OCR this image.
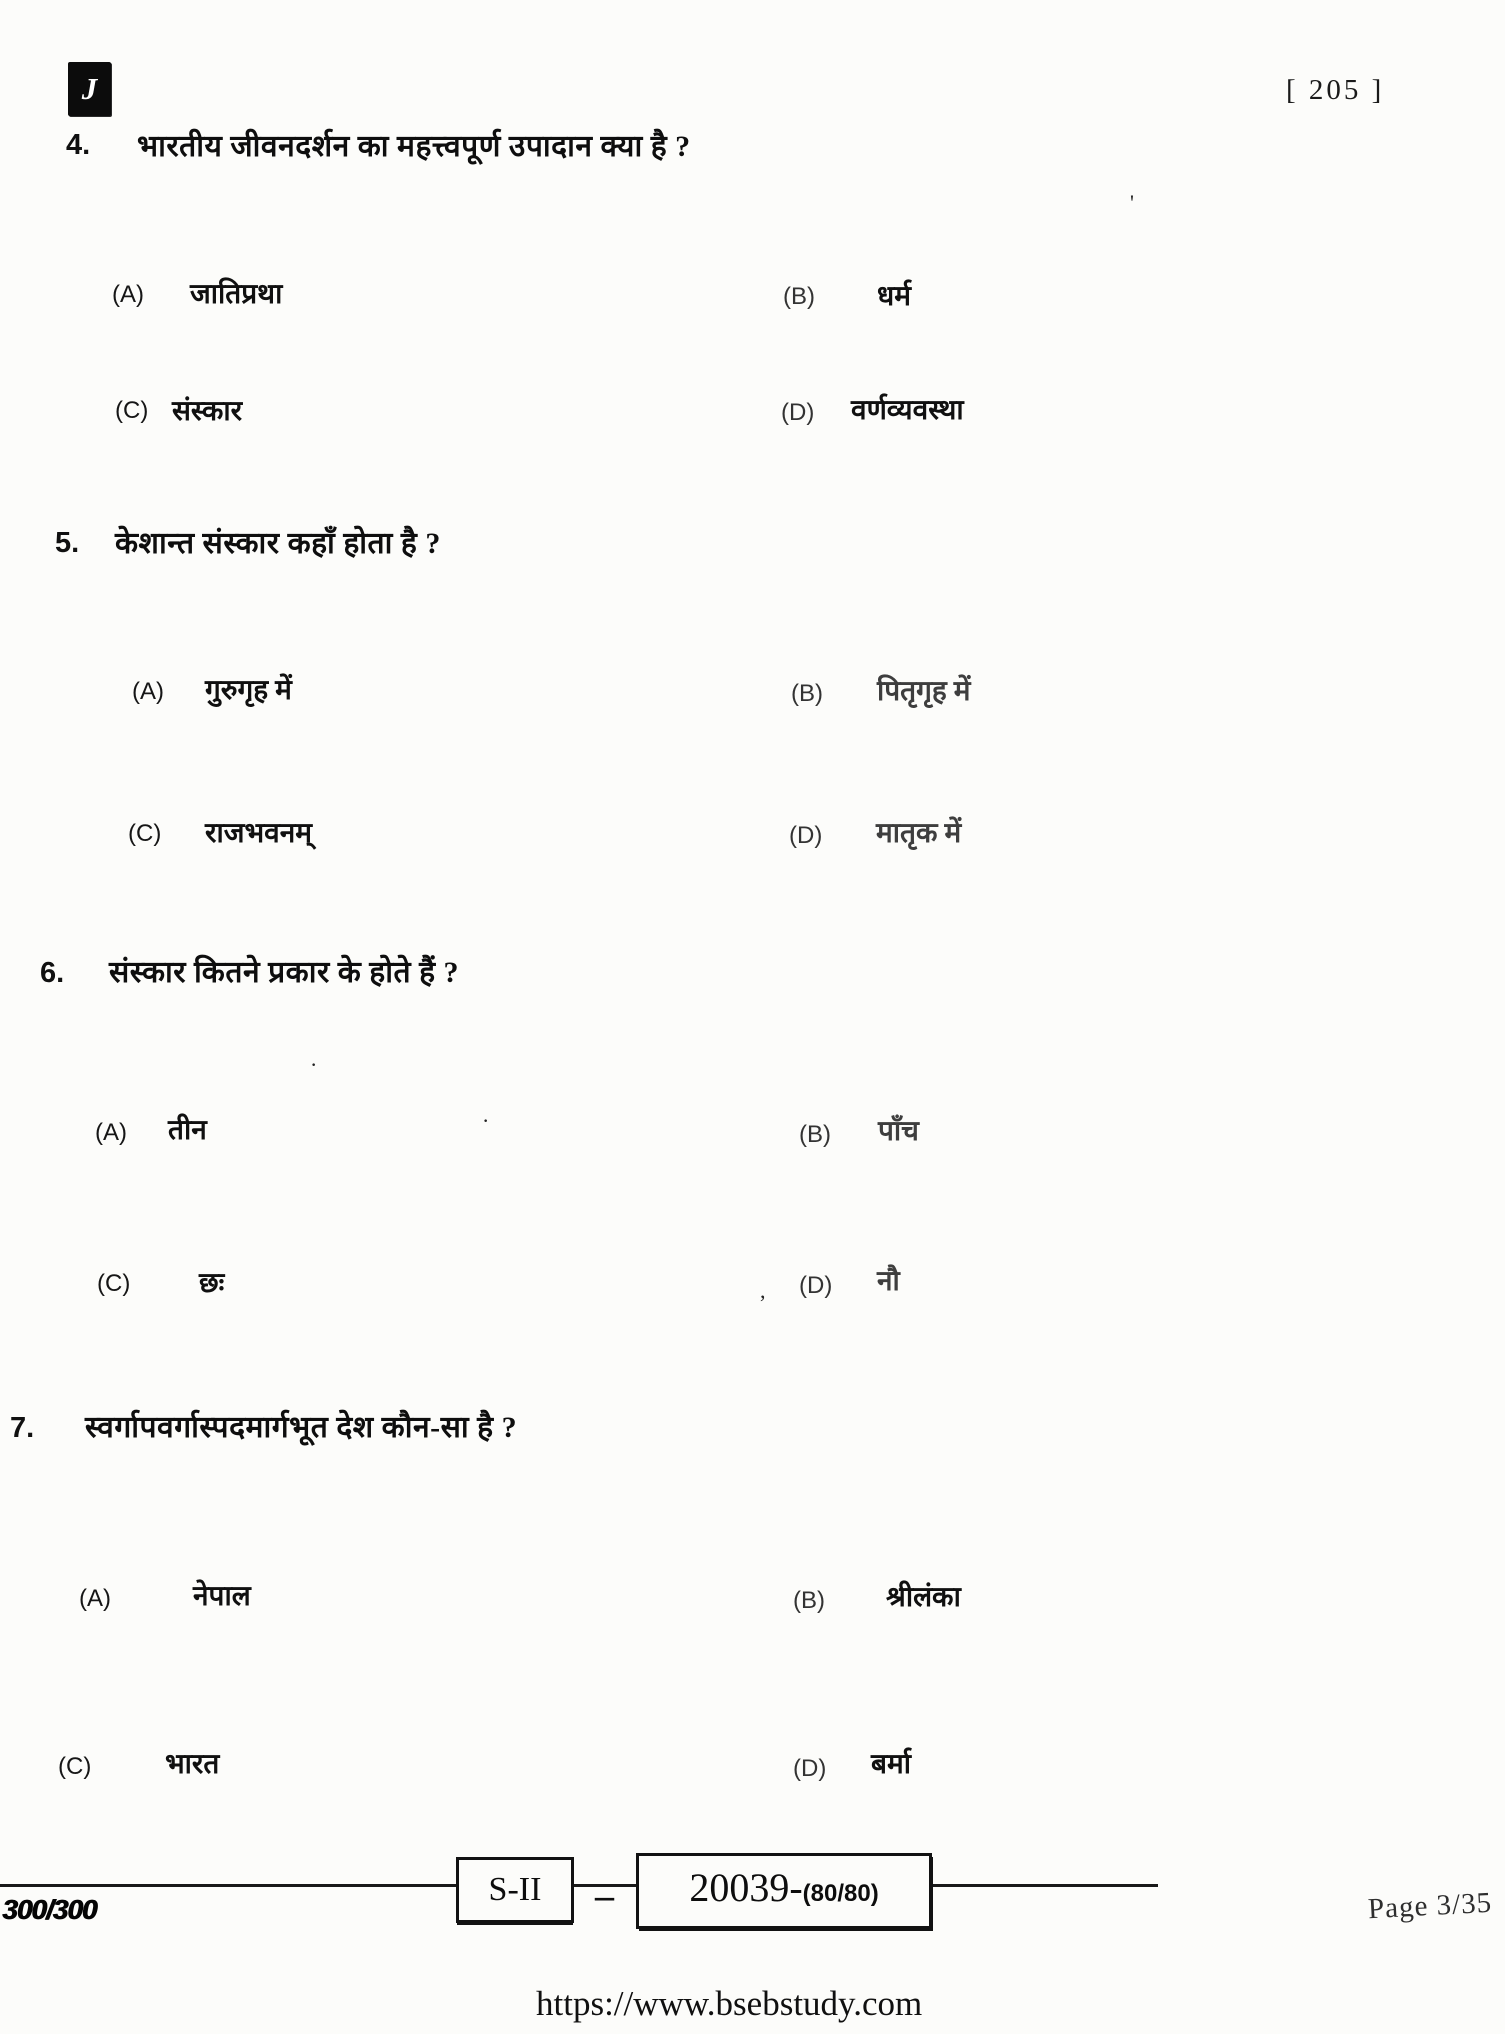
J	[ 205 ]
4. भारतीय जीवनदर्शन का महत्त्वपूर्ण उपादान क्या है ?
(A) जातिप्रथा	(B) धर्म
(C) संस्कार	(D) वर्णव्यवस्था
5. केशान्त संस्कार कहाँ होता है ?
(A) गुरुगृह में	(B) पितृगृह में
(C) राजभवनम्	(D) मातृक में
6. संस्कार कितने प्रकार के होते हैं ?
(A) तीन	(B) पाँच
(C) छः	(D) नौ
7. स्वर्गापवर्गास्पदमार्गभूत देश कौन-सा है ?
(A)	नेपाल	(B) श्रीलंका
(C)	भारत	(D) बर्मा
'
·
·
,
300/300
S-II	– 20039- (80/80)	Page 3/35
https://www.bsebstudy.com
